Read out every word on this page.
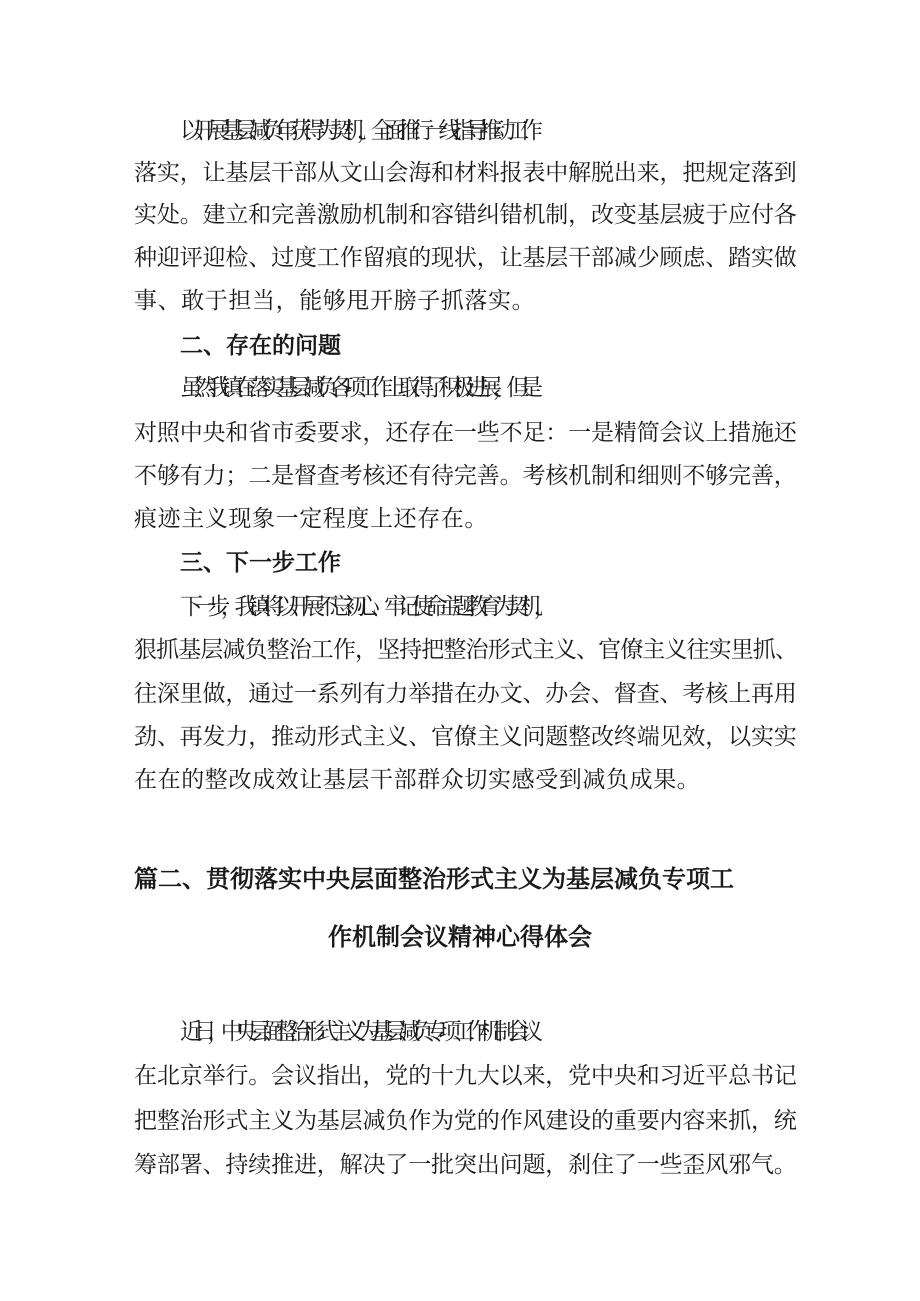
以开展基层减负年获得为契机，全面推行一线指导推动工作

落实，让基层干部从文山会海和材料报表中解脱出来，把规定落到

实处。建立和完善激励机制和容错纠错机制，改变基层疲于应付各

种迎评迎检、过度工作留痕的现状，让基层干部减少顾虑、踏实做

事、敢于担当，能够甩开膀子抓落实。

二、存在的问题

虽然我镇在落实基层减负各项工作上取得了积极进展，但是

对照中央和省市委要求，还存在一些不足：一是精简会议上措施还

不够有力；二是督查考核还有待完善。考核机制和细则不够完善，

痕迹主义现象一定程度上还存在。

三、下一步工作

下一步，我镇将以开展不忘初心、牢记使命主题教育为契机，

狠抓基层减负整治工作，坚持把整治形式主义、官僚主义往实里抓、

往深里做，通过一系列有力举措在办文、办会、督查、考核上再用

劲、再发力，推动形式主义、官僚主义问题整改终端见效，以实实

在在的整改成效让基层干部群众切实感受到减负成果。

篇二、贯彻落实中央层面整治形式主义为基层减负专项工
作机制会议精神心得体会

近日，中央层面整治形式主义为基层减负专项工作机制会议

在北京举行。会议指出，党的十九大以来，党中央和习近平总书记

把整治形式主义为基层减负作为党的作风建设的重要内容来抓，统

筹部署、持续推进，解决了一批突出问题，刹住了一些歪风邪气。
